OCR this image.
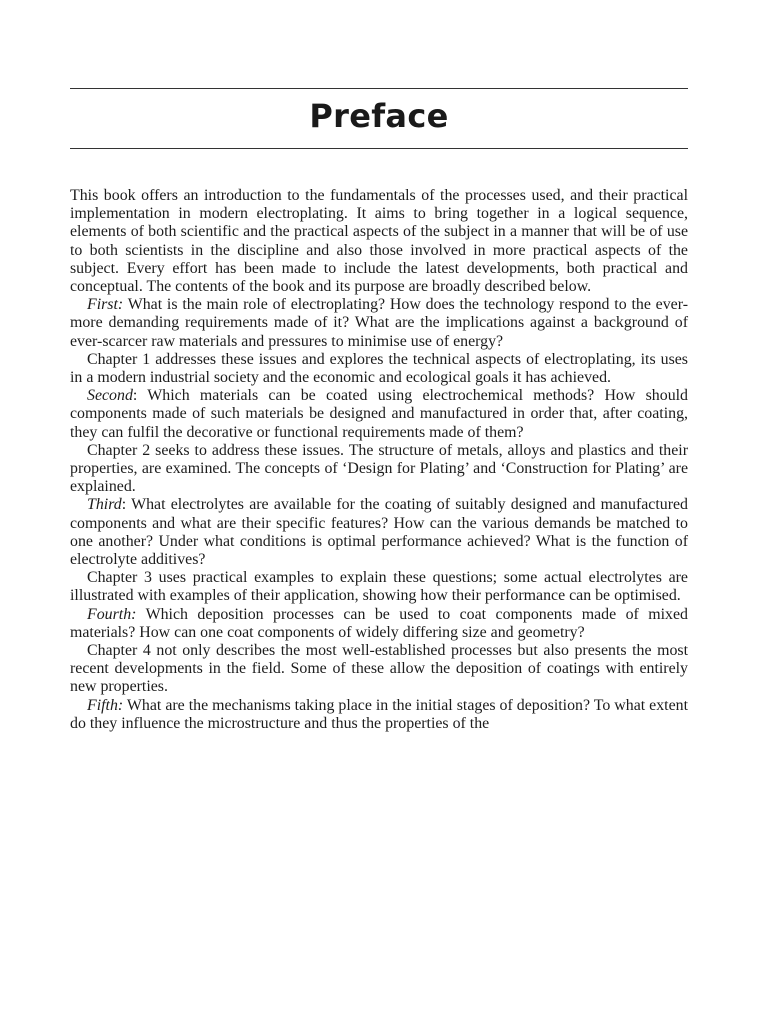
Preface

This book offers an introduction to the fundamentals of the processes used, and their practical implementation in modern electroplating. It aims to bring together in a logical sequence, elements of both scientific and the practical aspects of the subject in a manner that will be of use to both scientists in the discipline and also those involved in more practical aspects of the subject. Every effort has been made to include the latest developments, both practical and conceptual. The contents of the book and its purpose are broadly described below.

First: What is the main role of electroplating? How does the technology respond to the ever-more demanding requirements made of it? What are the implications against a background of ever-scarcer raw materials and pressures to minimise use of energy?

Chapter 1 addresses these issues and explores the technical aspects of electroplating, its uses in a modern industrial society and the economic and ecological goals it has achieved.

Second: Which materials can be coated using electrochemical methods? How should components made of such materials be designed and manufactured in order that, after coating, they can fulfil the decorative or functional requirements made of them?

Chapter 2 seeks to address these issues. The structure of metals, alloys and plastics and their properties, are examined. The concepts of ‘Design for Plating’ and ‘Construction for Plating’ are explained.

Third: What electrolytes are available for the coating of suitably designed and manufactured components and what are their specific features? How can the various demands be matched to one another? Under what conditions is optimal performance achieved? What is the function of electrolyte additives?

Chapter 3 uses practical examples to explain these questions; some actual electrolytes are illustrated with examples of their application, showing how their performance can be optimised.

Fourth: Which deposition processes can be used to coat components made of mixed materials? How can one coat components of widely differing size and geometry?

Chapter 4 not only describes the most well-established processes but also presents the most recent developments in the field. Some of these allow the deposition of coatings with entirely new properties.

Fifth: What are the mechanisms taking place in the initial stages of deposition? To what extent do they influence the microstructure and thus the properties of the
